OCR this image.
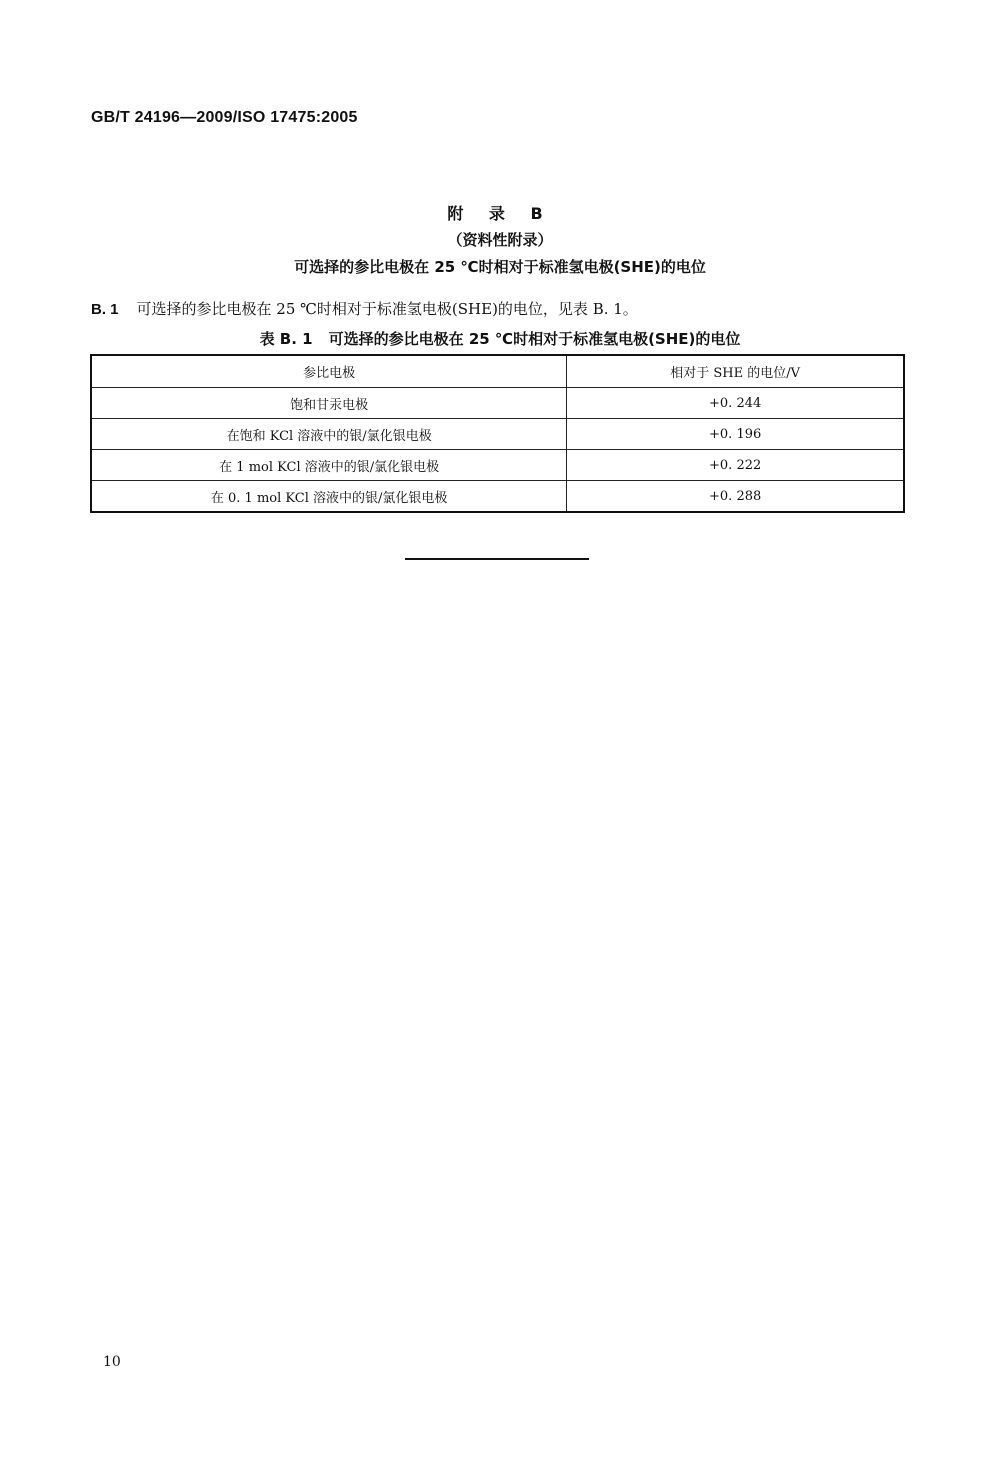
GB/T 24196—2009/ISO 17475:2005
附 录 B
（资料性附录）
可选择的参比电极在 25 ℃时相对于标准氢电极(SHE)的电位
B. 1 可选择的参比电极在 25 ℃时相对于标准氢电极(SHE)的电位，见表 B. 1。
表 B. 1 可选择的参比电极在 25 ℃时相对于标准氢电极(SHE)的电位
参比电极	相对于 SHE 的电位/V
饱和甘汞电极	+0. 244
在饱和 KCl 溶液中的银/氯化银电极	+0. 196
在 1 mol KCl 溶液中的银/氯化银电极	+0. 222
在 0. 1 mol KCl 溶液中的银/氯化银电极	+0. 288
10
